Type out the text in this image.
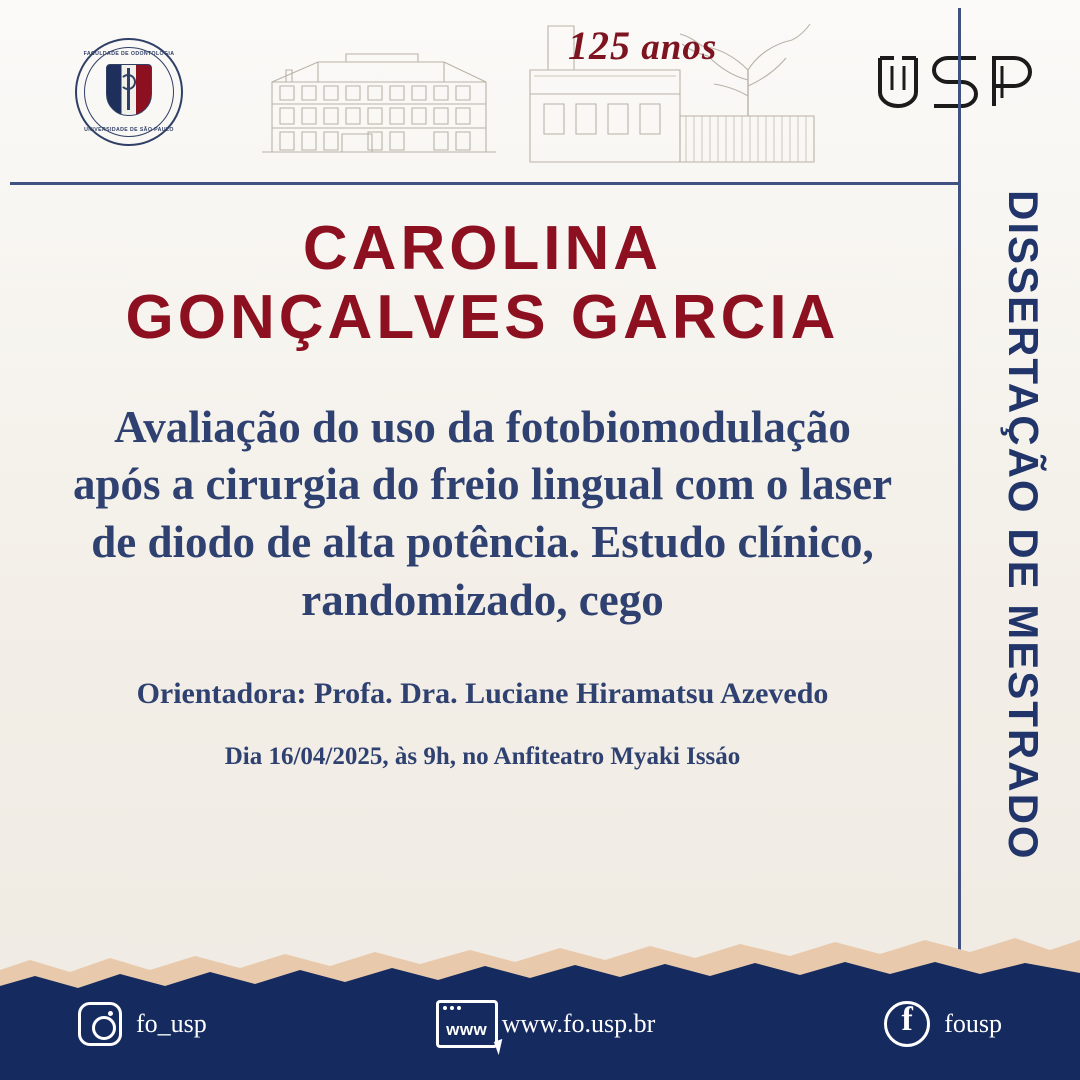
FACULDADE DE ODONTOLOGIA
UNIVERSIDADE DE SÃO PAULO
125 anos
DISSERTAÇÃO DE MESTRADO
CAROLINA
GONÇALVES GARCIA
Avaliação do uso da fotobiomodulação após a cirurgia do freio lingual com o laser de diodo de alta potência. Estudo clínico, randomizado, cego
Orientadora: Profa. Dra. Luciane Hiramatsu Azevedo
Dia 16/04/2025, às 9h, no Anfiteatro Myaki Issáo
fo_usp	www www.fo.usp.br	f	fousp
